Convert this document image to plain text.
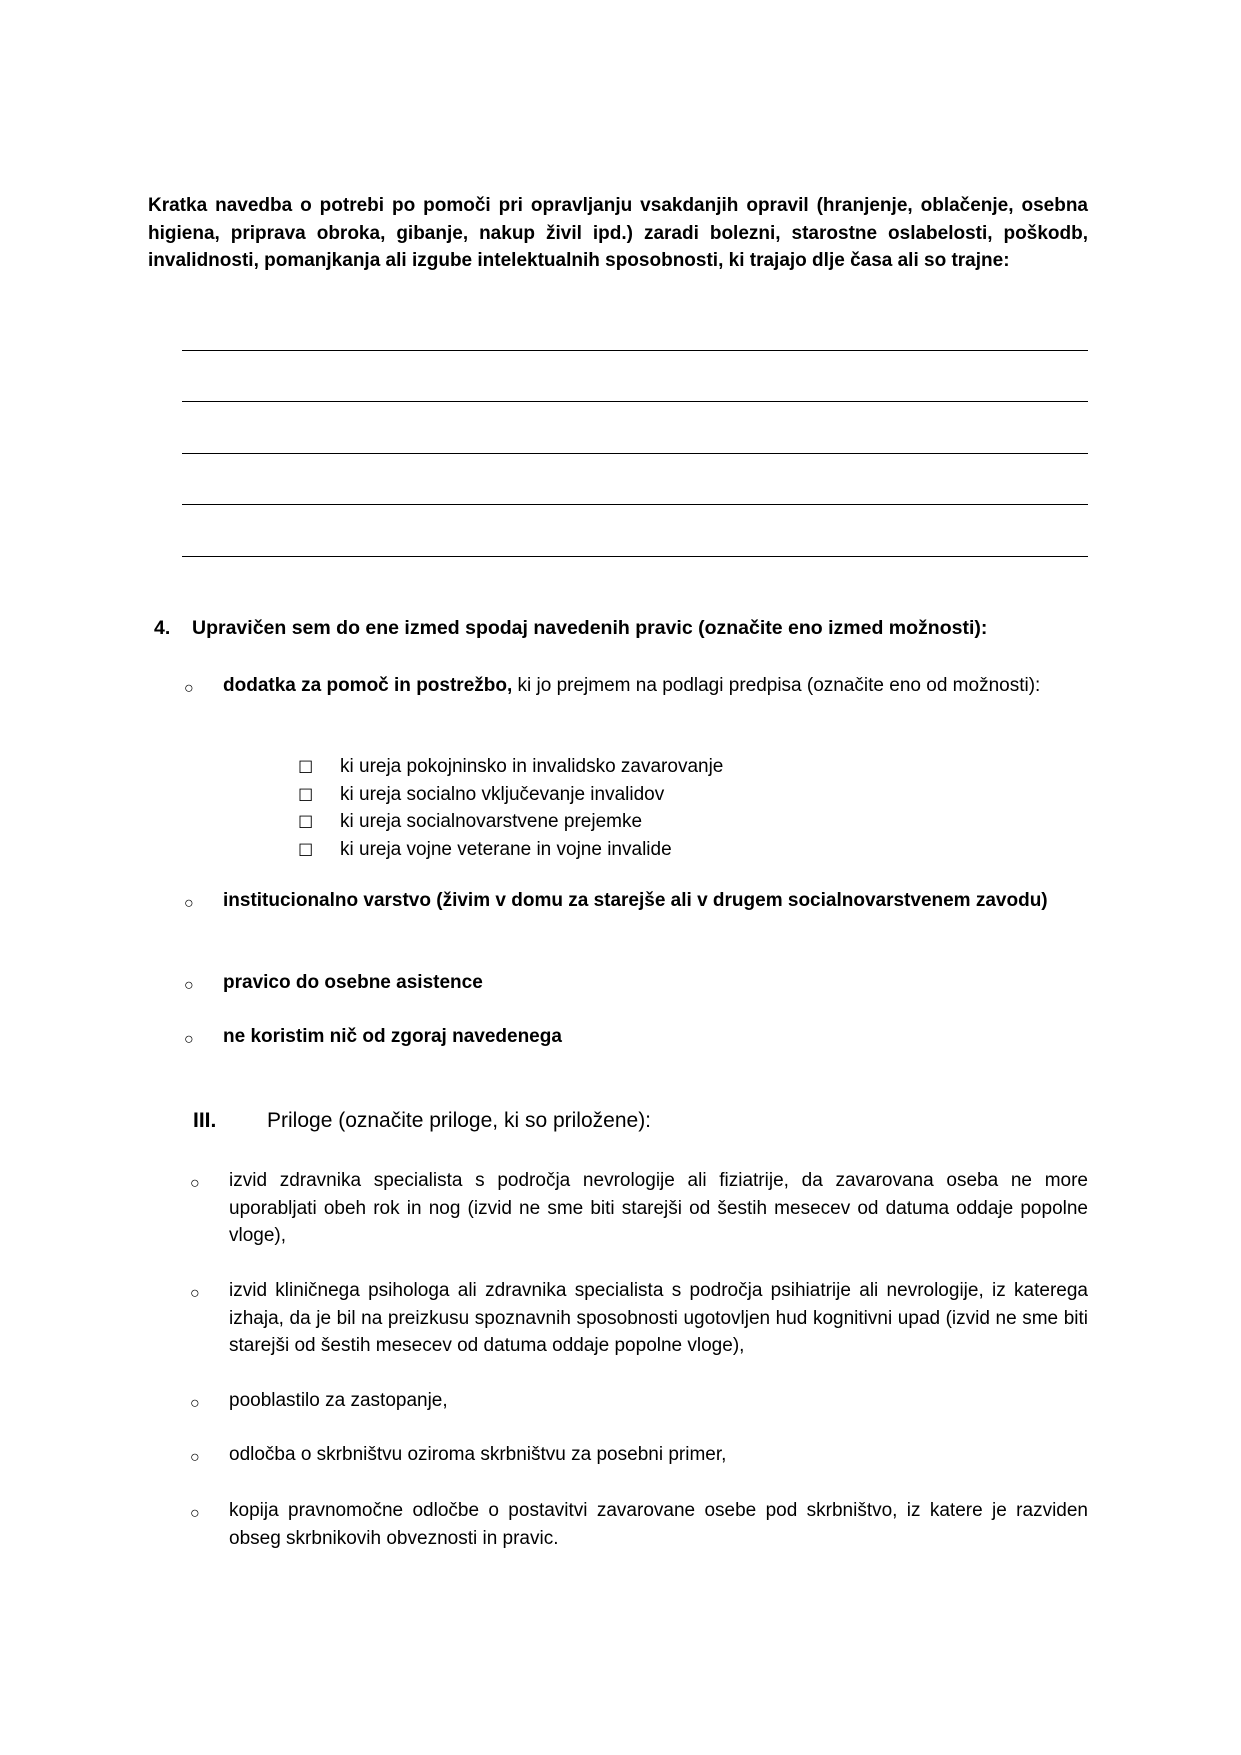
Kratka navedba o potrebi po pomoči pri opravljanju vsakdanjih opravil (hranjenje, oblačenje, osebna higiena, priprava obroka, gibanje, nakup živil ipd.) zaradi bolezni, starostne oslabelosti, poškodb, invalidnosti, pomanjkanja ali izgube intelektualnih sposobnosti, ki trajajo dlje časa ali so trajne:
4. Upravičen sem do ene izmed spodaj navedenih pravic (označite eno izmed možnosti):
○ dodatka za pomoč in postrežbo, ki jo prejmem na podlagi predpisa (označite eno od možnosti):
☐ ki ureja pokojninsko in invalidsko zavarovanje
☐ ki ureja socialno vključevanje invalidov
☐ ki ureja socialnovarstvene prejemke
☐ ki ureja vojne veterane in vojne invalide
○ institucionalno varstvo (živim v domu za starejše ali v drugem socialnovarstvenem zavodu)
○ pravico do osebne asistence
○ ne koristim nič od zgoraj navedenega
III. Priloge (označite priloge, ki so priložene):
○ izvid zdravnika specialista s področja nevrologije ali fiziatrije, da zavarovana oseba ne more uporabljati obeh rok in nog (izvid ne sme biti starejši od šestih mesecev od datuma oddaje popolne vloge),
○ izvid kliničnega psihologa ali zdravnika specialista s področja psihiatrije ali nevrologije, iz katerega izhaja, da je bil na preizkusu spoznavnih sposobnosti ugotovljen hud kognitivni upad (izvid ne sme biti starejši od šestih mesecev od datuma oddaje popolne vloge),
○ pooblastilo za zastopanje,
○ odločba o skrbništvu oziroma skrbništvu za posebni primer,
○ kopija pravnomočne odločbe o postavitvi zavarovane osebe pod skrbništvo, iz katere je razviden obseg skrbnikovih obveznosti in pravic.
